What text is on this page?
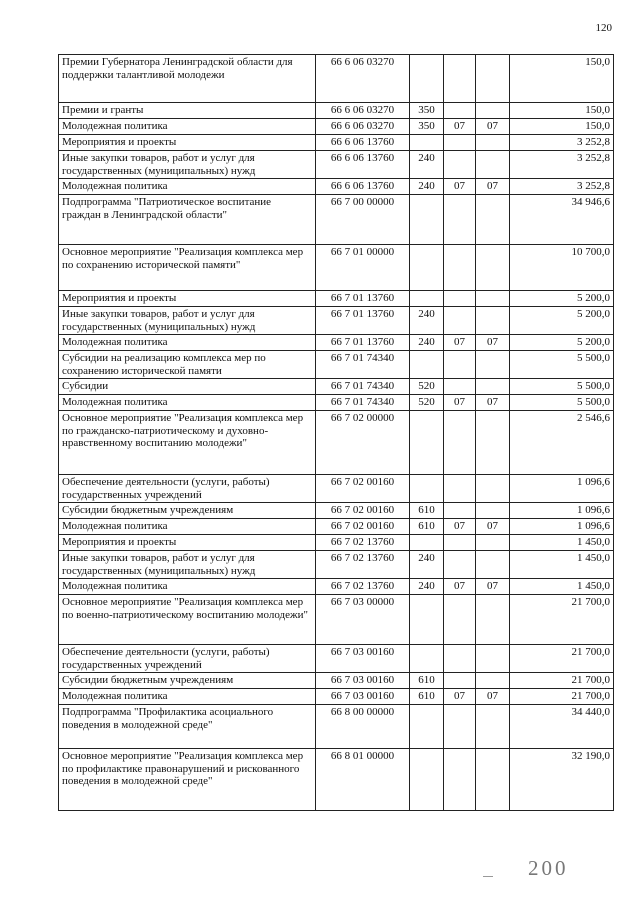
120
Премии Губернатора Ленинградской области для поддержки талантливой молодежи	66 6 06 03270				150,0
Премии и гранты	66 6 06 03270	350			150,0
Молодежная политика	66 6 06 03270	350	07	07	150,0
Мероприятия и проекты	66 6 06 13760				3 252,8
Иные закупки товаров, работ и услуг для государственных (муниципальных) нужд	66 6 06 13760	240			3 252,8
Молодежная политика	66 6 06 13760	240	07	07	3 252,8
Подпрограмма "Патриотическое воспитание граждан в Ленинградской области"	66 7 00 00000				34 946,6
Основное мероприятие "Реализация комплекса мер по сохранению исторической памяти"	66 7 01 00000				10 700,0
Мероприятия и проекты	66 7 01 13760				5 200,0
Иные закупки товаров, работ и услуг для государственных (муниципальных) нужд	66 7 01 13760	240			5 200,0
Молодежная политика	66 7 01 13760	240	07	07	5 200,0
Субсидии на реализацию комплекса мер по сохранению исторической памяти	66 7 01 74340				5 500,0
Субсидии	66 7 01 74340	520			5 500,0
Молодежная политика	66 7 01 74340	520	07	07	5 500,0
Основное мероприятие "Реализация комплекса мер по гражданско-патриотическому и духовно-нравственному воспитанию молодежи"	66 7 02 00000				2 546,6
Обеспечение деятельности (услуги, работы) государственных учреждений	66 7 02 00160				1 096,6
Субсидии бюджетным учреждениям	66 7 02 00160	610			1 096,6
Молодежная политика	66 7 02 00160	610	07	07	1 096,6
Мероприятия и проекты	66 7 02 13760				1 450,0
Иные закупки товаров, работ и услуг для государственных (муниципальных) нужд	66 7 02 13760	240			1 450,0
Молодежная политика	66 7 02 13760	240	07	07	1 450,0
Основное мероприятие "Реализация комплекса мер по военно-патриотическому воспитанию молодежи"	66 7 03 00000				21 700,0
Обеспечение деятельности (услуги, работы) государственных учреждений	66 7 03 00160				21 700,0
Субсидии бюджетным учреждениям	66 7 03 00160	610			21 700,0
Молодежная политика	66 7 03 00160	610	07	07	21 700,0
Подпрограмма "Профилактика асоциального поведения в молодежной среде"	66 8 00 00000				34 440,0
Основное мероприятие "Реализация комплекса мер по профилактике правонарушений и рискованного поведения в молодежной среде"	66 8 01 00000				32 190,0
200
